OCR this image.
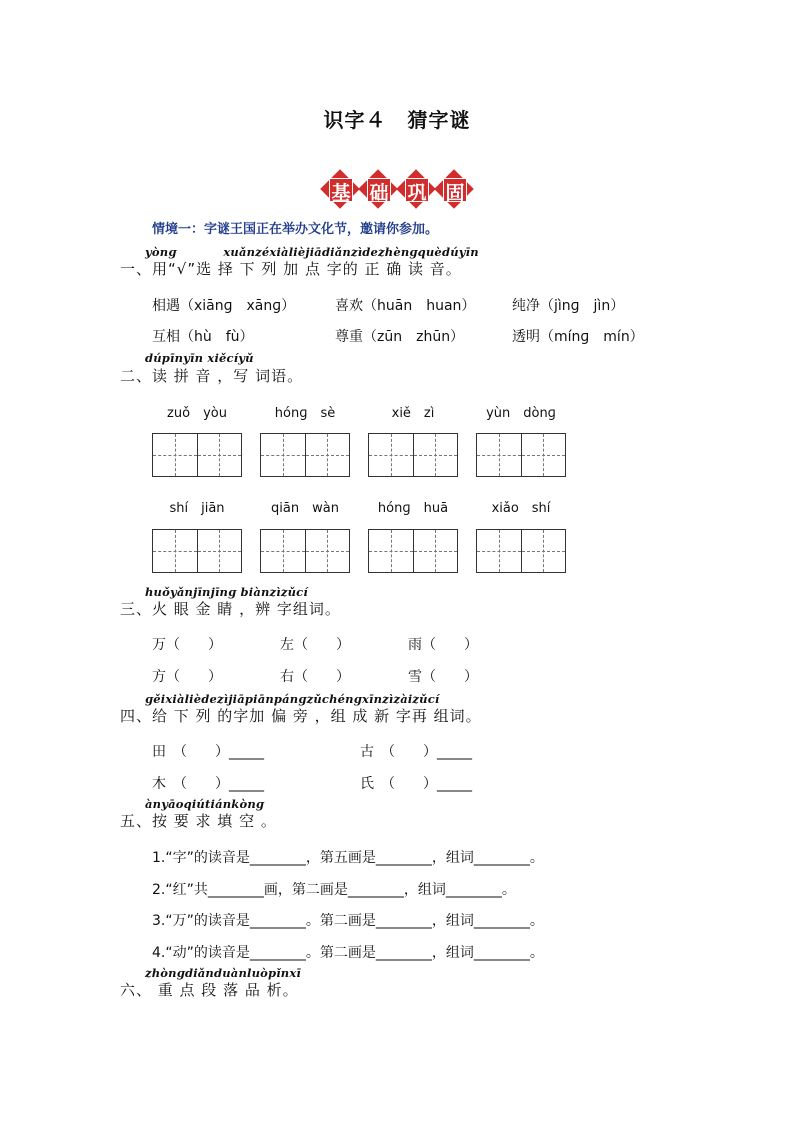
识字４　猜字谜
基 础 巩 固
情境一：字谜王国正在举办文化节，邀请你参加。
yònɡ　　　　xuǎnzéxiàlièjiādiǎnzìdezhènɡquèdúyīn
一、用“√”选 择 下 列 加 点 字的 正 确 读 音。
相遇（xiānɡ　xānɡ）	喜欢（huān　huan）	纯净（jìnɡ　jìn）
互相（hù　fù）	尊重（zūn　zhūn）	透明（mínɡ　mín）
dúpīnyīn xiěcíyǔ
二、读 拼 音 ，写 词语。
zuǒ　yòu	hónɡ　sè	xiě　zì	yùn　dònɡ
shí　jiān	qiān　wàn	hónɡ　huā	xiǎo　shí
huǒyǎnjīnjīnɡ biànzìzǔcí
三、火 眼 金 睛 ，辨 字组词。
万（　　）	左（　　）	雨（　　）
方（　　）	右（　　）	雪（　　）
ɡěixiàlièdezìjiāpiānpánɡzǔchénɡxīnzìzàizǔcí
四、给 下 列 的字加 偏 旁 ，组 成 新 字再 组词。
田　（　　）_____	古　（　　）_____
木　（　　）_____	氏　（　　）_____
ànyāoqiútiánkònɡ
五、按 要 求 填 空 。
1.“字”的读音是________，第五画是________，组词________。
2.“红”共________画，第二画是________，组词________。
3.“万”的读音是________。第二画是________，组词________。
4.“动”的读音是________。第二画是________，组词________。
zhònɡdiǎnduànluòpǐnxī
六、 重 点 段 落 品 析。
